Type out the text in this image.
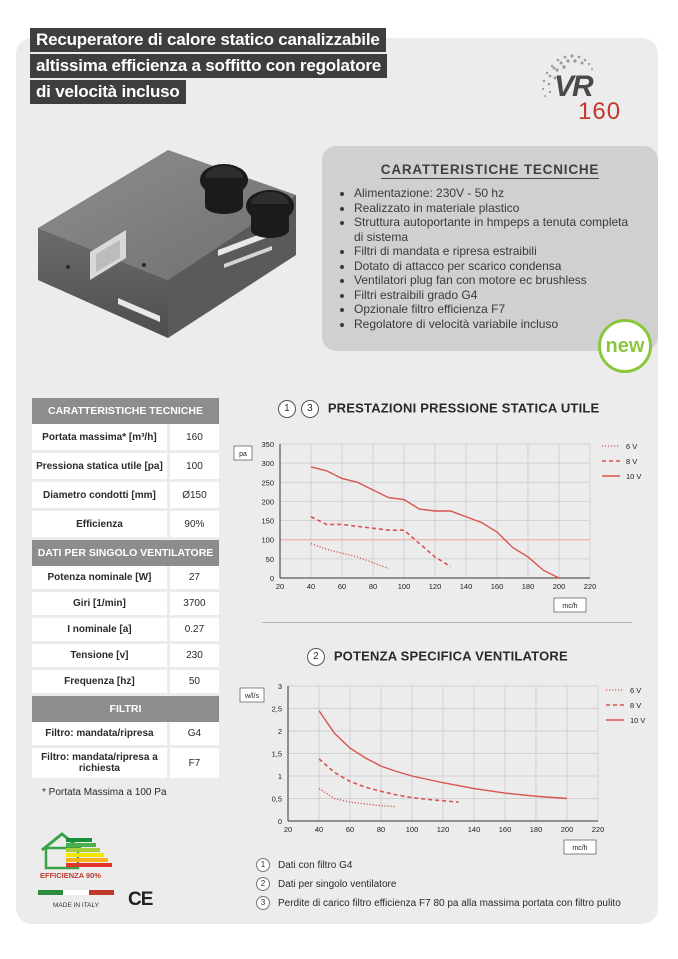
Recuperatore di calore statico canalizzabile
altissima efficienza a soffitto con regolatore
di velocità incluso	VR
160
CARATTERISTICHE TECNICHE
• Alimentazione: 230V - 50 hz
• Realizzato in materiale plastico
• Struttura autoportante in hmpeps a tenuta completa di sistema
• Filtri di mandata e ripresa estraibili
• Dotato di attacco per scarico condensa
• Ventilatori plug fan con motore ec brushless
• Filtri estraibili grado G4
• Opzionale filtro efficienza F7
• Regolatore di velocità variabile incluso
new
CARATTERISTICHE TECNICHE
Portata massima* [m³/h]	160
Pressiona statica utile [pa]	100
Diametro condotti [mm]	Ø150
Efficienza	90%
DATI PER SINGOLO VENTILATORE
Potenza nominale [W]	27
Giri [1/min]	3700
I nominale [a]	0.27
Tensione [v]	230
Frequenza [hz]	50
FILTRI
Filtro: mandata/ripresa	G4
Filtro: mandata/ripresa a richiesta	F7
* Portata Massima a 100 Pa
1 3 PRESTAZIONI PRESSIONE STATICA UTILE
20	40	60	80	100 120 140 160 180 200 220
0
50
100
150
200
250
300
350
pa
mc/h
6 V
8 V
10 V
2 POTENZA SPECIFICA VENTILATORE
20	40	60	80	100 120 140 160 180 200 220
0
0,5
1
1,5
2
2,5
3
w/l/s
mc/h
6 V
8 V
10 V
1 Dati con filtro G4
2 Dati per singolo ventilatore
3 Perdite di carico filtro efficienza F7 80 pa alla massima portata con filtro pulito
EFFICIENZA 90%
MADE IN ITALY	CE
